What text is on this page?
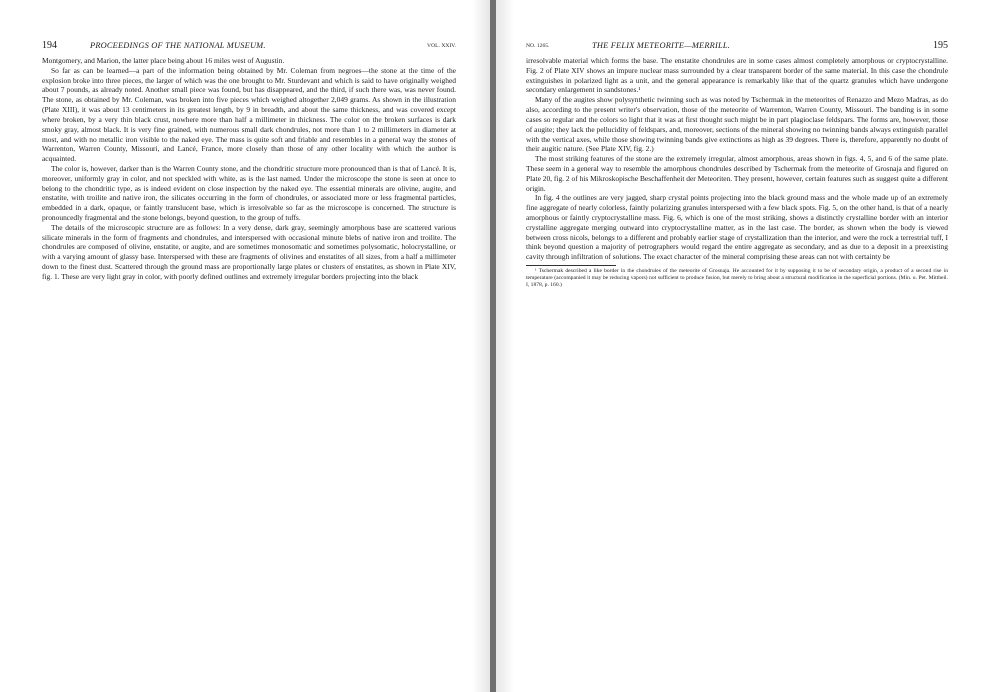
194	PROCEEDINGS OF THE NATIONAL MUSEUM.	VOL. XXIV.

Montgomery, and Marion, the latter place being about 16 miles west of Augustin.

So far as can be learned—a part of the information being obtained by Mr. Coleman from negroes—the stone at the time of the explosion broke into three pieces, the larger of which was the one brought to Mr. Sturdevant and which is said to have originally weighed about 7 pounds, as already noted. Another small piece was found, but has disappeared, and the third, if such there was, was never found. The stone, as obtained by Mr. Coleman, was broken into five pieces which weighed altogether 2,049 grams. As shown in the illustration (Plate XIII), it was about 13 centimeters in its greatest length, by 9 in breadth, and about the same thickness, and was covered except where broken, by a very thin black crust, nowhere more than half a millimeter in thickness. The color on the broken surfaces is dark smoky gray, almost black. It is very fine grained, with numerous small dark chondrules, not more than 1 to 2 millimeters in diameter at most, and with no metallic iron visible to the naked eye. The mass is quite soft and friable and resembles in a general way the stones of Warrenton, Warren County, Missouri, and Lancé, France, more closely than those of any other locality with which the author is acquainted.

The color is, however, darker than is the Warren County stone, and the chondritic structure more pronounced than is that of Lancé. It is, moreover, uniformly gray in color, and not speckled with white, as is the last named. Under the microscope the stone is seen at once to belong to the chondritic type, as is indeed evident on close inspection by the naked eye. The essential minerals are olivine, augite, and enstatite, with troilite and native iron, the silicates occurring in the form of chondrules, or associated more or less fragmental particles, embedded in a dark, opaque, or faintly translucent base, which is irresolvable so far as the microscope is concerned. The structure is pronouncedly fragmental and the stone belongs, beyond question, to the group of tuffs.

The details of the microscopic structure are as follows: In a very dense, dark gray, seemingly amorphous base are scattered various silicate minerals in the form of fragments and chondrules, and interspersed with occasional minute blebs of native iron and troilite. The chondrules are composed of olivine, enstatite, or augite, and are sometimes monosomatic and sometimes polysomatic, holocrystalline, or with a varying amount of glassy base. Interspersed with these are fragments of olivines and enstatites of all sizes, from a half a millimeter down to the finest dust. Scattered through the ground mass are proportionally large plates or clusters of enstatites, as shown in Plate XIV, fig. 1. These are very light gray in color, with poorly defined outlines and extremely irregular borders projecting into the black

NO. 1265.	THE FELIX METEORITE—MERRILL.	195

irresolvable material which forms the base. The enstatite chondrules are in some cases almost completely amorphous or cryptocrystalline. Fig. 2 of Plate XIV shows an impure nuclear mass surrounded by a clear transparent border of the same material. In this case the chondrule extinguishes in polarized light as a unit, and the general appearance is remarkably like that of the quartz granules which have undergone secondary enlargement in sandstones.¹

Many of the augites show polysynthetic twinning such as was noted by Tschermak in the meteorites of Renazzo and Mezo Madras, as do also, according to the present writer's observation, those of the meteorite of Warrenton, Warren County, Missouri. The banding is in some cases so regular and the colors so light that it was at first thought such might be in part plagioclase feldspars. The forms are, however, those of augite; they lack the pellucidity of feldspars, and, moreover, sections of the mineral showing no twinning bands always extinguish parallel with the vertical axes, while those showing twinning bands give extinctions as high as 39 degrees. There is, therefore, apparently no doubt of their augitic nature. (See Plate XIV, fig. 2.)

The most striking features of the stone are the extremely irregular, almost amorphous, areas shown in figs. 4, 5, and 6 of the same plate. These seem in a general way to resemble the amorphous chondrules described by Tschermak from the meteorite of Grosnaja and figured on Plate 20, fig. 2 of his Mikroskopische Beschaffenheit der Meteoriten. They present, however, certain features such as suggest quite a different origin.

In fig. 4 the outlines are very jagged, sharp crystal points projecting into the black ground mass and the whole made up of an extremely fine aggregate of nearly colorless, faintly polarizing granules interspersed with a few black spots. Fig. 5, on the other hand, is that of a nearly amorphous or faintly cryptocrystalline mass. Fig. 6, which is one of the most striking, shows a distinctly crystalline border with an interior crystalline aggregate merging outward into cryptocrystalline matter, as in the last case. The border, as shown when the body is viewed between cross nicols, belongs to a different and probably earlier stage of crystallization than the interior, and were the rock a terrestrial tuff, I think beyond question a majority of petrographers would regard the entire aggregate as secondary, and as due to a deposit in a preexisting cavity through infiltration of solutions. The exact character of the mineral comprising these areas can not with certainty be

¹ Tschermak described a like border in the chondrules of the meteorite of Grosnaja. He accounted for it by supposing it to be of secondary origin, a product of a second rise in temperature (accompanied it may be reducing vapors) not sufficient to produce fusion, but merely to bring about a structural modification in the superficial portions. (Min. u. Pet. Mittheil. I, 1878, p. 160.)
